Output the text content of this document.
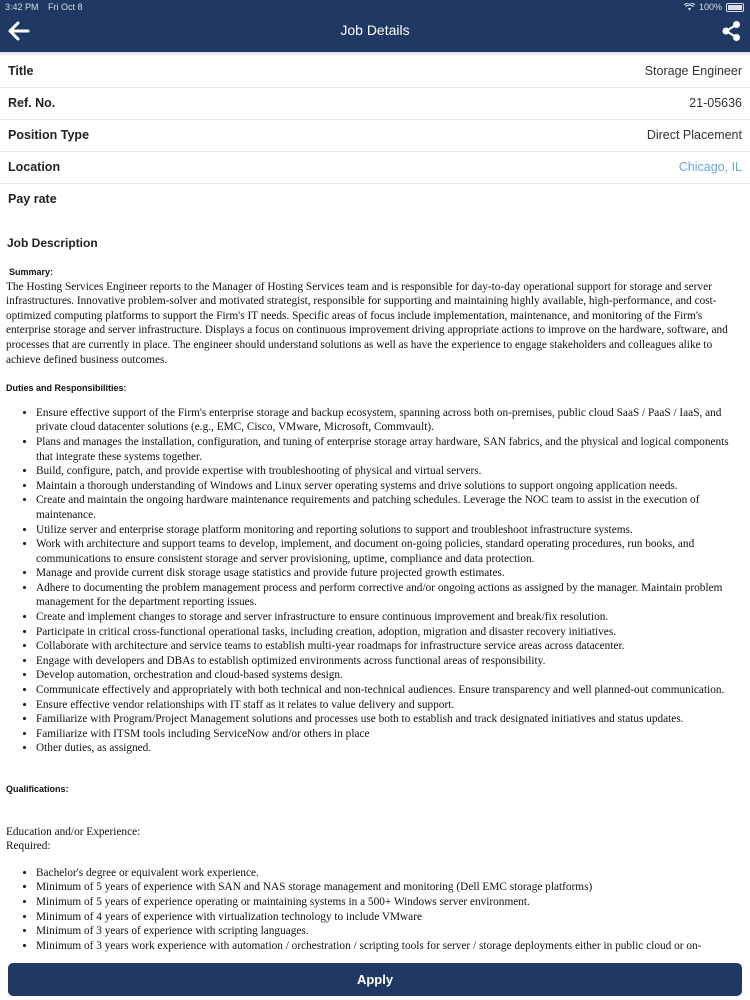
3:42 PM Fri Oct 8	100%
Job Details
Title	Storage Engineer
Ref. No.	21-05636
Position Type	Direct Placement
Location	Chicago, IL
Pay rate
Job Description
Summary:
The Hosting Services Engineer reports to the Manager of Hosting Services team and is responsible for day-to-day operational support for storage and server infrastructures. Innovative problem-solver and motivated strategist, responsible for supporting and maintaining highly available, high-performance, and cost-optimized computing platforms to support the Firm's IT needs. Specific areas of focus include implementation, maintenance, and monitoring of the Firm's enterprise storage and server infrastructure. Displays a focus on continuous improvement driving appropriate actions to improve on the hardware, software, and processes that are currently in place. The engineer should understand solutions as well as have the experience to engage stakeholders and colleagues alike to achieve defined business outcomes.
Duties and Responsibilities:
• Ensure effective support of the Firm's enterprise storage and backup ecosystem, spanning across both on-premises, public cloud SaaS / PaaS / IaaS, and private cloud datacenter solutions (e.g., EMC, Cisco, VMware, Microsoft, Commvault).
• Plans and manages the installation, configuration, and tuning of enterprise storage array hardware, SAN fabrics, and the physical and logical components that integrate these systems together.
• Build, configure, patch, and provide expertise with troubleshooting of physical and virtual servers.
• Maintain a thorough understanding of Windows and Linux server operating systems and drive solutions to support ongoing application needs.
• Create and maintain the ongoing hardware maintenance requirements and patching schedules. Leverage the NOC team to assist in the execution of maintenance.
• Utilize server and enterprise storage platform monitoring and reporting solutions to support and troubleshoot infrastructure systems.
• Work with architecture and support teams to develop, implement, and document on-going policies, standard operating procedures, run books, and communications to ensure consistent storage and server provisioning, uptime, compliance and data protection.
• Manage and provide current disk storage usage statistics and provide future projected growth estimates.
• Adhere to documenting the problem management process and perform corrective and/or ongoing actions as assigned by the manager. Maintain problem management for the department reporting issues.
• Create and implement changes to storage and server infrastructure to ensure continuous improvement and break/fix resolution.
• Participate in critical cross-functional operational tasks, including creation, adoption, migration and disaster recovery initiatives.
• Collaborate with architecture and service teams to establish multi-year roadmaps for infrastructure service areas across datacenter.
• Engage with developers and DBAs to establish optimized environments across functional areas of responsibility.
• Develop automation, orchestration and cloud-based systems design.
• Communicate effectively and appropriately with both technical and non-technical audiences. Ensure transparency and well planned-out communication.
• Ensure effective vendor relationships with IT staff as it relates to value delivery and support.
• Familiarize with Program/Project Management solutions and processes use both to establish and track designated initiatives and status updates.
• Familiarize with ITSM tools including ServiceNow and/or others in place
• Other duties, as assigned.
Qualifications:
Education and/or Experience:
Required:
• Bachelor's degree or equivalent work experience.
• Minimum of 5 years of experience with SAN and NAS storage management and monitoring (Dell EMC storage platforms)
• Minimum of 5 years of experience operating or maintaining systems in a 500+ Windows server environment.
• Minimum of 4 years of experience with virtualization technology to include VMware
• Minimum of 3 years of experience with scripting languages.
• Minimum of 3 years work experience with automation / orchestration / scripting tools for server / storage deployments either in public cloud or on-
Apply
